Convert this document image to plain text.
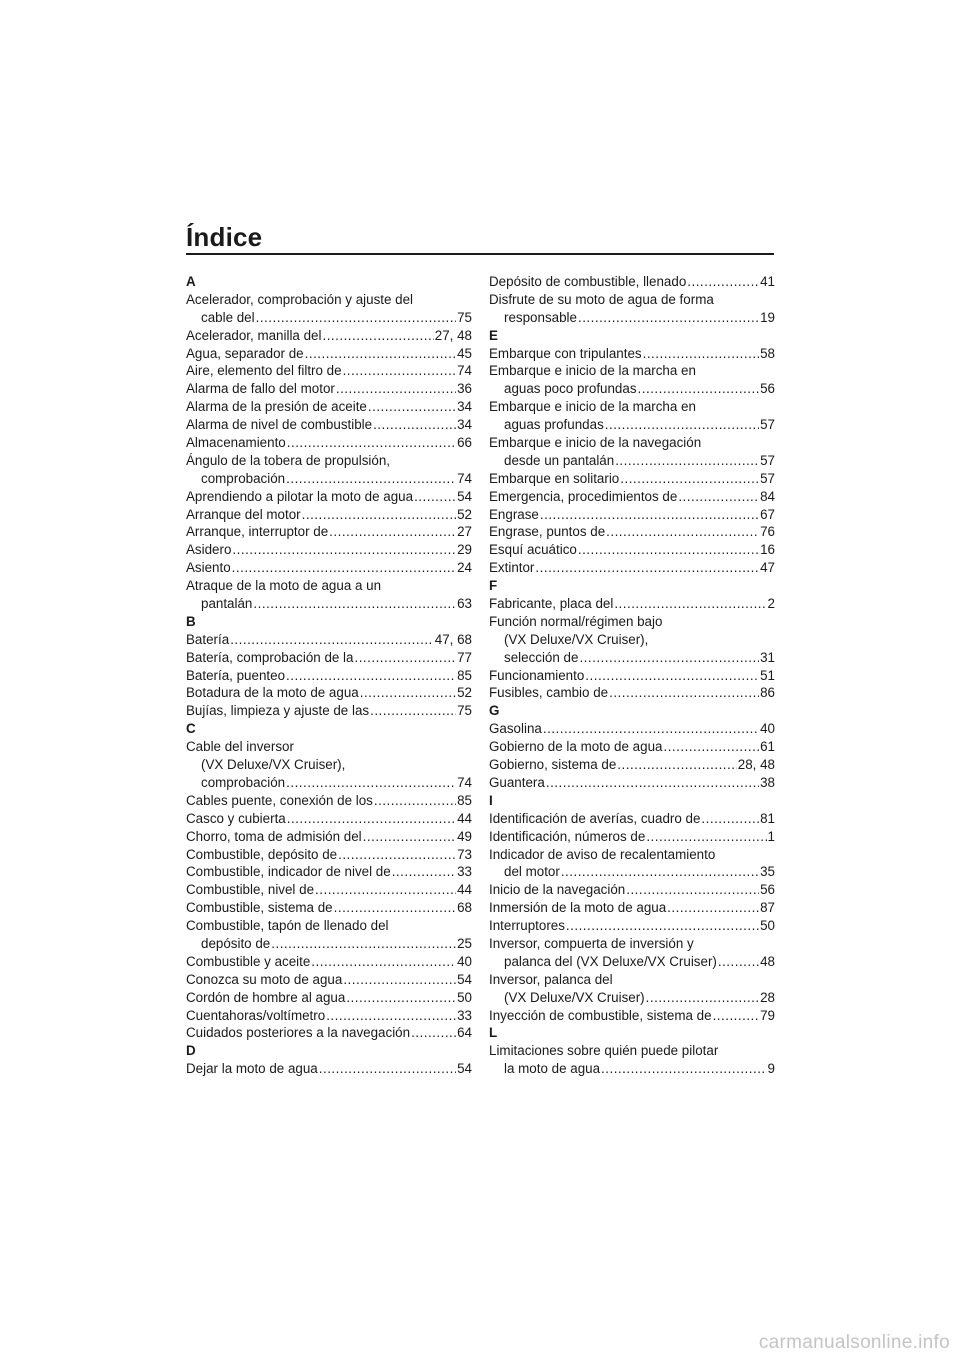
Índice
A
Acelerador, comprobación y ajuste del
cable del .....	75
Acelerador, manilla del .....	27, 48
Agua, separador de .....	45
Aire, elemento del filtro de .....	74
Alarma de fallo del motor .....	36
Alarma de la presión de aceite .....	34
Alarma de nivel de combustible .....	34
Almacenamiento .....	66
Ángulo de la tobera de propulsión,
comprobación .....	74
Aprendiendo a pilotar la moto de agua .....	54
Arranque del motor .....	52
Arranque, interruptor de .....	27
Asidero .....	29
Asiento .....	24
Atraque de la moto de agua a un
pantalán .....	63
B
Batería .....	47, 68
Batería, comprobación de la .....	77
Batería, puenteo .....	85
Botadura de la moto de agua .....	52
Bujías, limpieza y ajuste de las .....	75
C
Cable del inversor
(VX Deluxe/VX Cruiser),
comprobación .....	74
Cables puente, conexión de los .....	85
Casco y cubierta .....	44
Chorro, toma de admisión del .....	49
Combustible, depósito de .....	73
Combustible, indicador de nivel de .....	33
Combustible, nivel de .....	44
Combustible, sistema de .....	68
Combustible, tapón de llenado del
depósito de .....	25
Combustible y aceite .....	40
Conozca su moto de agua .....	54
Cordón de hombre al agua .....	50
Cuentahoras/voltímetro .....	33
Cuidados posteriores a la navegación .....	64
D
Dejar la moto de agua .....	54
Depósito de combustible, llenado .....	41
Disfrute de su moto de agua de forma
responsable .....	19
E
Embarque con tripulantes .....	58
Embarque e inicio de la marcha en
aguas poco profundas .....	56
Embarque e inicio de la marcha en
aguas profundas .....	57
Embarque e inicio de la navegación
desde un pantalán .....	57
Embarque en solitario .....	57
Emergencia, procedimientos de .....	84
Engrase .....	67
Engrase, puntos de .....	76
Esquí acuático .....	16
Extintor .....	47
F
Fabricante, placa del .....	2
Función normal/régimen bajo
(VX Deluxe/VX Cruiser),
selección de .....	31
Funcionamiento .....	51
Fusibles, cambio de .....	86
G
Gasolina .....	40
Gobierno de la moto de agua .....	61
Gobierno, sistema de .....	28, 48
Guantera .....	38
I
Identificación de averías, cuadro de .....	81
Identificación, números de .....	1
Indicador de aviso de recalentamiento
del motor .....	35
Inicio de la navegación .....	56
Inmersión de la moto de agua .....	87
Interruptores .....	50
Inversor, compuerta de inversión y
palanca del (VX Deluxe/VX Cruiser) .....	48
Inversor, palanca del
(VX Deluxe/VX Cruiser) .....	28
Inyección de combustible, sistema de .....	79
L
Limitaciones sobre quién puede pilotar
la moto de agua .....	9
carmanualsonline.info
